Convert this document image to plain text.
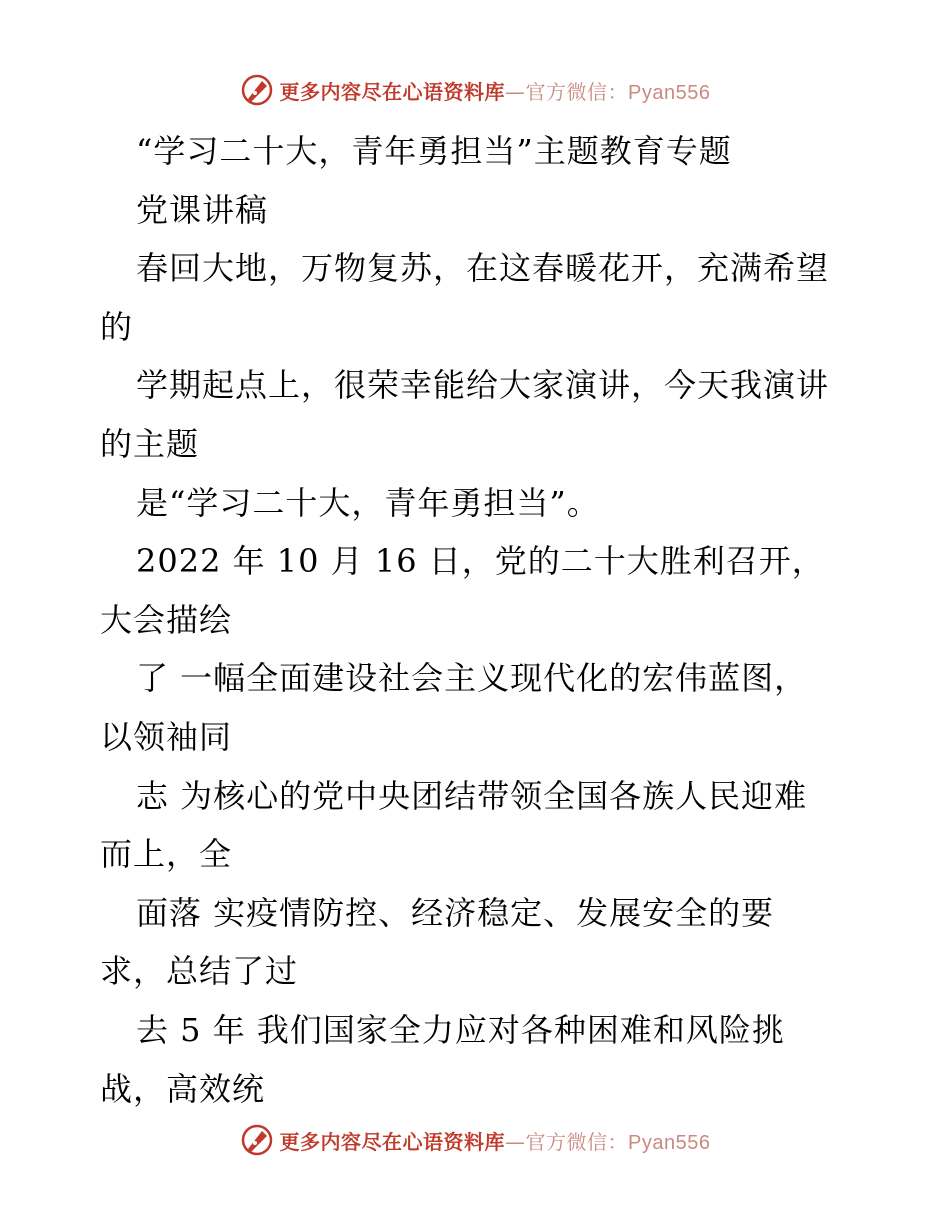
更多内容尽在心语资料库—官方微信：Pyan556
“学习二十大，青年勇担当”主题教育专题
党课讲稿
春回大地，万物复苏，在这春暖花开，充满希望
的
学期起点上，很荣幸能给大家演讲，今天我演讲
的主题
是“学习二十大，青年勇担当”。
2022 年 10 月 16 日，党的二十大胜利召开，
大会描绘
了 一幅全面建设社会主义现代化的宏伟蓝图，
以领袖同
志 为核心的党中央团结带领全国各族人民迎难
而上，全
面落 实疫情防控、经济稳定、发展安全的要
求，总结了过
去 5 年 我们国家全力应对各种困难和风险挑
战，高效统
更多内容尽在心语资料库—官方微信：Pyan556
